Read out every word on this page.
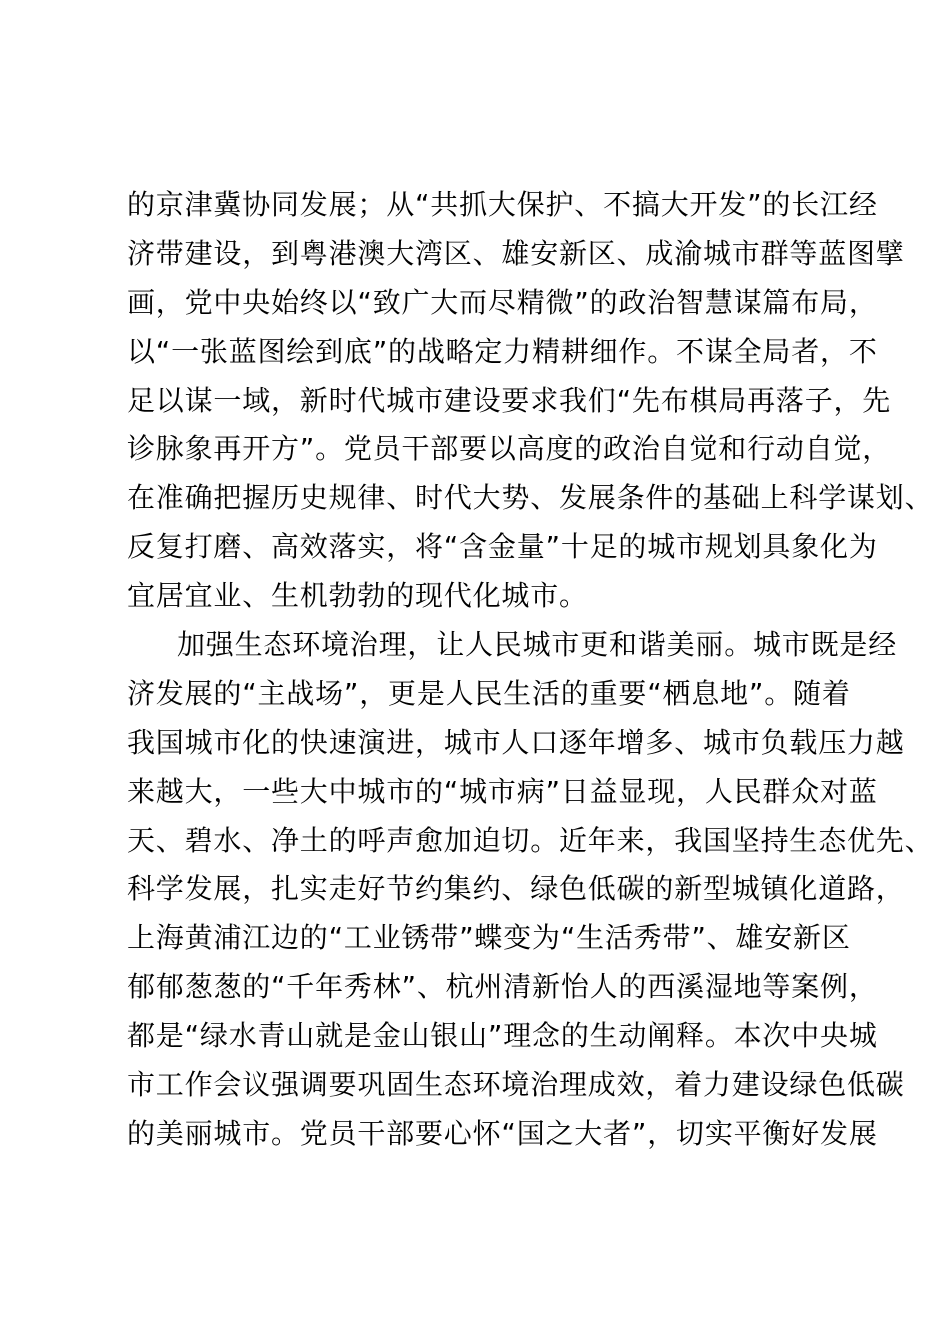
的京津冀协同发展；从“共抓大保护、不搞大开发”的长江经
济带建设，到粤港澳大湾区、雄安新区、成渝城市群等蓝图擘
画，党中央始终以“致广大而尽精微”的政治智慧谋篇布局，
以“一张蓝图绘到底”的战略定力精耕细作。不谋全局者，不
足以谋一域，新时代城市建设要求我们“先布棋局再落子，先
诊脉象再开方”。党员干部要以高度的政治自觉和行动自觉，
在准确把握历史规律、时代大势、发展条件的基础上科学谋划、
反复打磨、高效落实，将“含金量”十足的城市规划具象化为
宜居宜业、生机勃勃的现代化城市。
加强生态环境治理，让人民城市更和谐美丽。城市既是经
济发展的“主战场”，更是人民生活的重要“栖息地”。随着
我国城市化的快速演进，城市人口逐年增多、城市负载压力越
来越大，一些大中城市的“城市病”日益显现，人民群众对蓝
天、碧水、净土的呼声愈加迫切。近年来，我国坚持生态优先、
科学发展，扎实走好节约集约、绿色低碳的新型城镇化道路，
上海黄浦江边的“工业锈带”蝶变为“生活秀带”、雄安新区
郁郁葱葱的“千年秀林”、杭州清新怡人的西溪湿地等案例，
都是“绿水青山就是金山银山”理念的生动阐释。本次中央城
市工作会议强调要巩固生态环境治理成效，着力建设绿色低碳
的美丽城市。党员干部要心怀“国之大者”，切实平衡好发展
